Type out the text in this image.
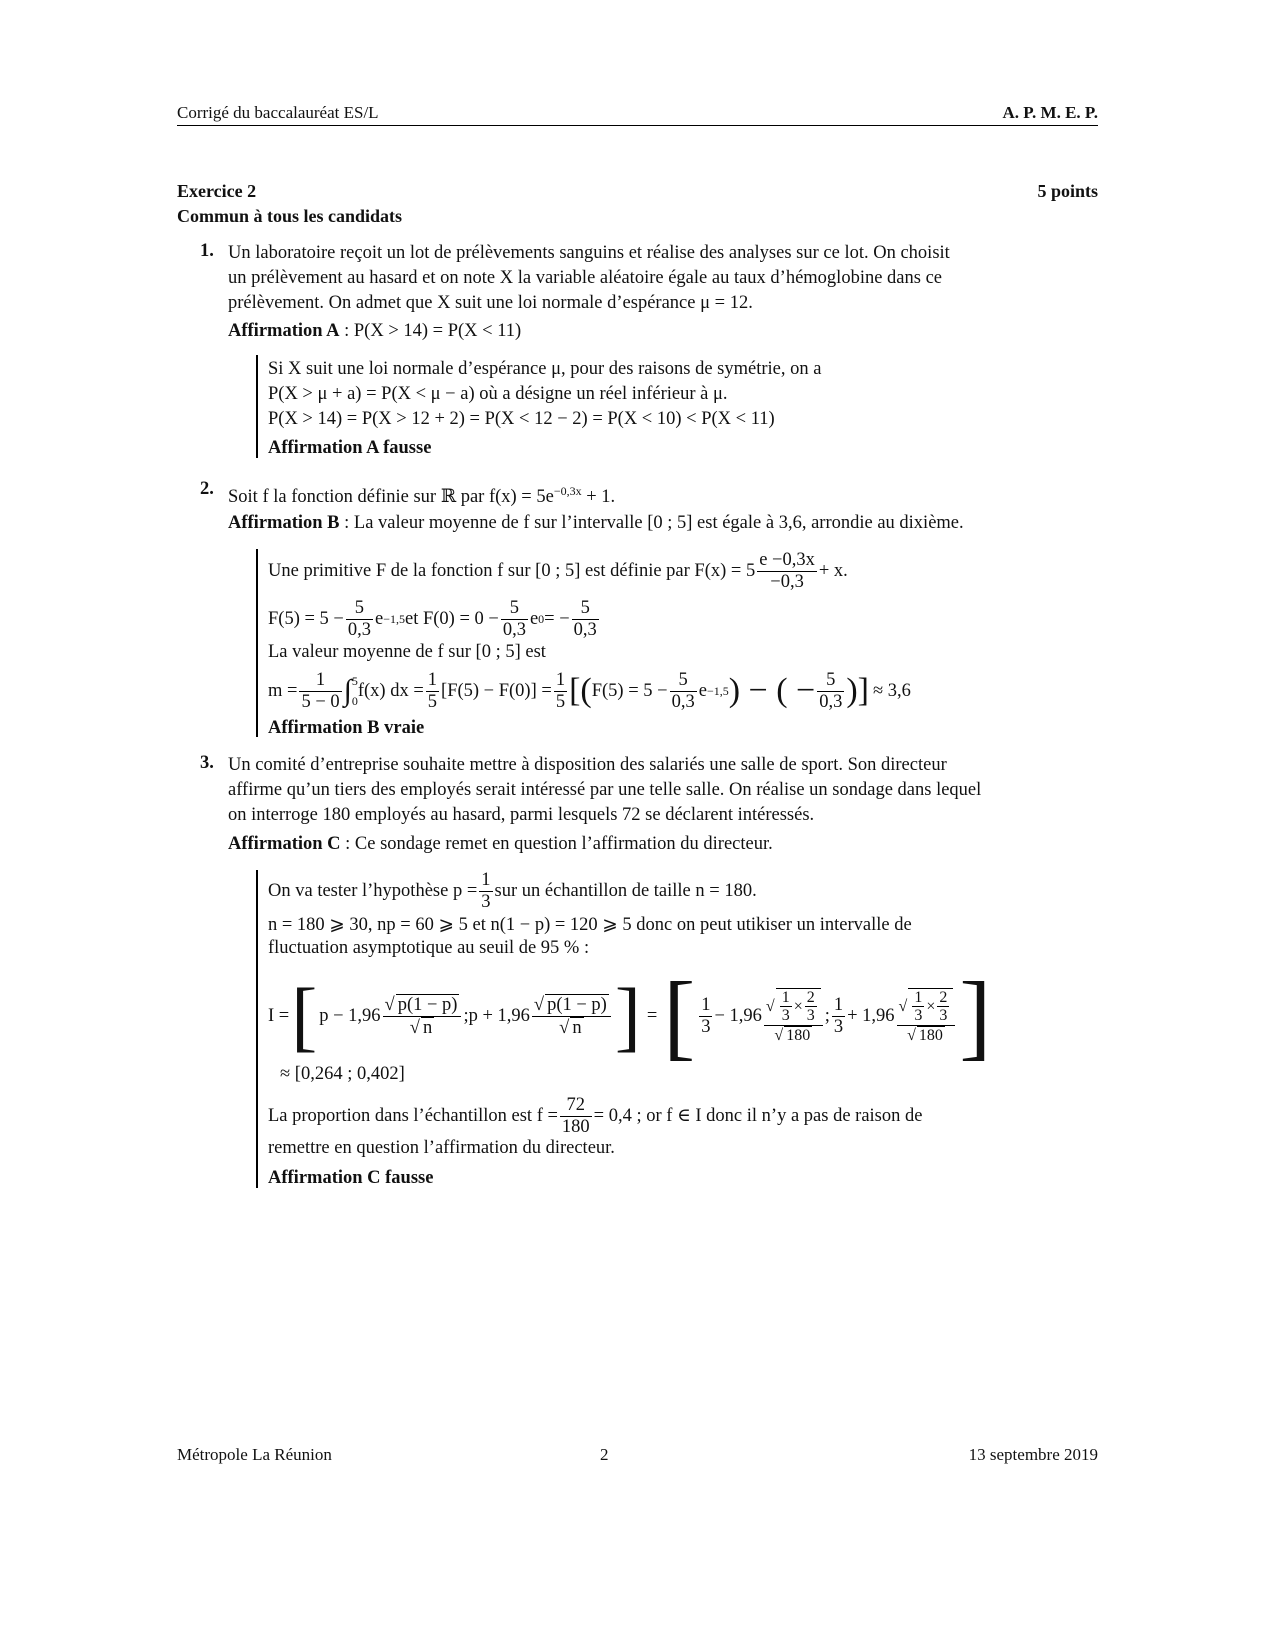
Corrigé du baccalauréat ES/L	A. P. M. E. P.
Exercice 2	5 points
Commun à tous les candidats
1. Un laboratoire reçoit un lot de prélèvements sanguins et réalise des analyses sur ce lot. On choisit
un prélèvement au hasard et on note X la variable aléatoire égale au taux d’hémoglobine dans ce
prélèvement. On admet que X suit une loi normale d’espérance μ = 12.
Affirmation A : P(X > 14) = P(X < 11)
Si X suit une loi normale d’espérance μ, pour des raisons de symétrie, on a
P(X > μ + a) = P(X < μ − a) où a désigne un réel inférieur à μ.
P(X > 14) = P(X > 12 + 2) = P(X < 12 − 2) = P(X < 10) < P(X < 11)
Affirmation A fausse
2. Soit f la fonction définie sur ℝ par $f(x) = 5e^{-0,3x} + 1$.
Affirmation B : La valeur moyenne de f sur l’intervalle [0 ; 5] est égale à 3,6, arrondie au dixième.
Une primitive F de la fonction f sur [0 ; 5] est définie par $F(x) = 5 \frac{e -0,3x}{-0,3} + x$.
$F(5) = 5 - \frac{5}{0,3}$ e −1,5 et $F(0) = 0 - \frac{5}{0,3}$ e 0 = − $\frac{5}{0,3}$
La valeur moyenne de f sur [0 ; 5] est
$m = \frac{1}{5 - 0}$ ∫ 5
0
f(x) dx = $\frac{1}{5} [F(5) - F(0)] = \frac{1}{5}$ [( $F(5) = 5 - \frac{5}{0,3}$ e −1,5 ) − ( − $\frac{5}{0,3}$ )] ≈ 3,6
Affirmation B vraie
3. Un comité d’entreprise souhaite mettre à disposition des salariés une salle de sport. Son directeur
affirme qu’un tiers des employés serait intéressé par une telle salle. On réalise un sondage dans lequel
on interroge 180 employés au hasard, parmi lesquels 72 se déclarent intéressés.
Affirmation C : Ce sondage remet en question l’affirmation du directeur.
On va tester l’hypothèse $p = \frac{1}{3}$ sur un échantillon de taille n = 180.
n = 180 ⩾ 30, np = 60 ⩾ 5 et n(1 − p) = 120 ⩾ 5 donc on peut utikiser un intervalle de
fluctuation asymptotique au seuil de 95 % :
I = [ $p - 1,96 \frac{√ p(1 - p)}{√ n}$ ; $p + 1,96 \frac{√ p(1 - p)}{√ n}$ ] = [ $\frac{1}{3} - 1,96 \frac{√ \frac{1}{3} \times \frac{2}{3}}{√ 180}$ ; $\frac{1}{3} + 1,96 \frac{√ \frac{1}{3} \times \frac{2}{3}}{√ 180}$ ]
≈ [0,264 ; 0,402]
La proportion dans l’échantillon est $f = \frac{72}{180} = 0,4$ ; or f ∈ I donc il n’y a pas de raison de
remettre en question l’affirmation du directeur.
Affirmation C fausse
Métropole La Réunion	2	13 septembre 2019
